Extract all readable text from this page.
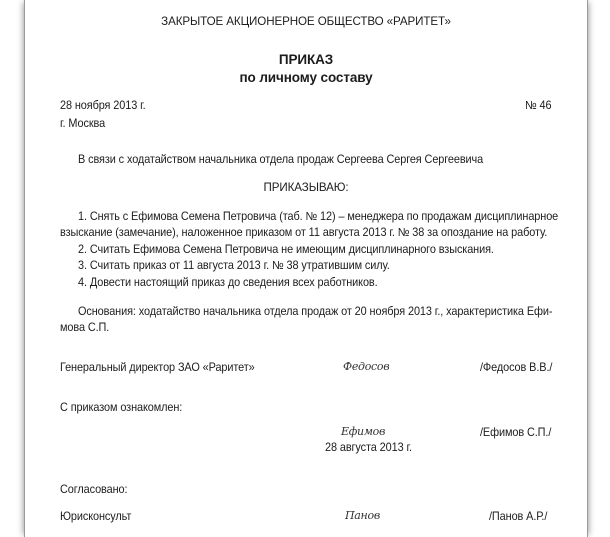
ЗАКРЫТОЕ АКЦИОНЕРНОЕ ОБЩЕСТВО «РАРИТЕТ»
ПРИКАЗ
по личному составу
28 ноября 2013 г.	№ 46
г. Москва
В связи с ходатайством начальника отдела продаж Сергеева Сергея Сергеевича
ПРИКАЗЫВАЮ:
1. Снять с Ефимова Семена Петровича (таб. № 12) – менеджера по продажам дисциплинарное
взыскание (замечание), наложенное приказом от 11 августа 2013 г. № 38 за опоздание на работу.
2. Считать Ефимова Семена Петровича не имеющим дисциплинарного взыскания.
3. Считать приказ от 11 августа 2013 г. № 38 утратившим силу.
4. Довести настоящий приказ до сведения всех работников.
Основания: ходатайство начальника отдела продаж от 20 ноября 2013 г., характеристика Ефи-
мова С.П.
Генеральный директор ЗАО «Раритет»	Федосов	/Федосов В.В./
С приказом ознакомлен:
Ефимов	/Ефимов С.П./
28 августа 2013 г.
Согласовано:
Юрисконсульт	Панов	/Панов А.Р./
